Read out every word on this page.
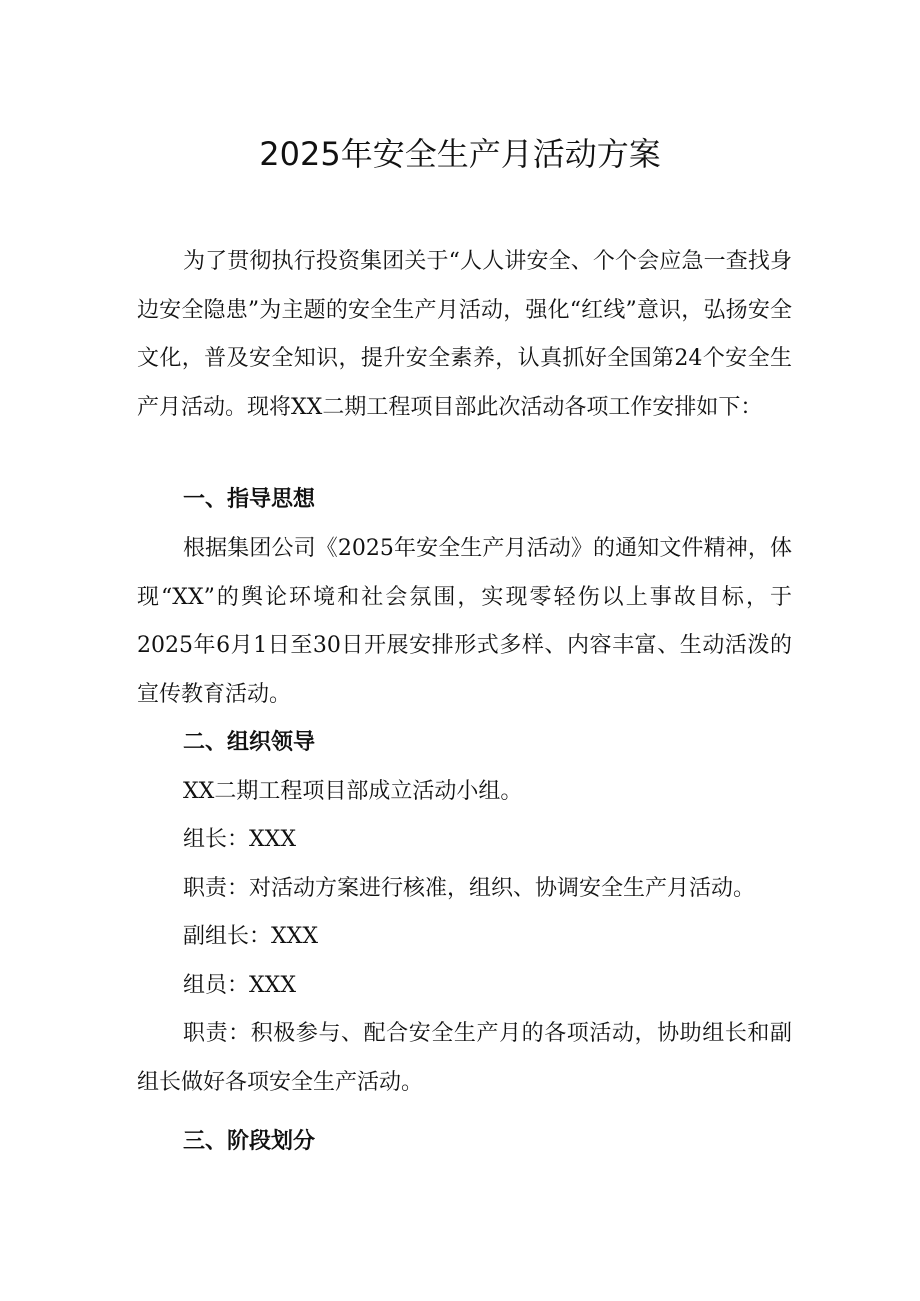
2025年安全生产月活动方案

为了贯彻执行投资集团关于“人人讲安全、个个会应急一查找身边安全隐患”为主题的安全生产月活动，强化“红线”意识，弘扬安全文化，普及安全知识，提升安全素养，认真抓好全国第24个安全生产月活动。现将XX二期工程项目部此次活动各项工作安排如下：

一、指导思想

根据集团公司《2025年安全生产月活动》的通知文件精神，体现“XX”的舆论环境和社会氛围，实现零轻伤以上事故目标，于2025年6月1日至30日开展安排形式多样、内容丰富、生动活泼的宣传教育活动。

二、组织领导

XX二期工程项目部成立活动小组。

组长：XXX

职责：对活动方案进行核准，组织、协调安全生产月活动。

副组长：XXX

组员：XXX

职责：积极参与、配合安全生产月的各项活动，协助组长和副组长做好各项安全生产活动。

三、阶段划分
